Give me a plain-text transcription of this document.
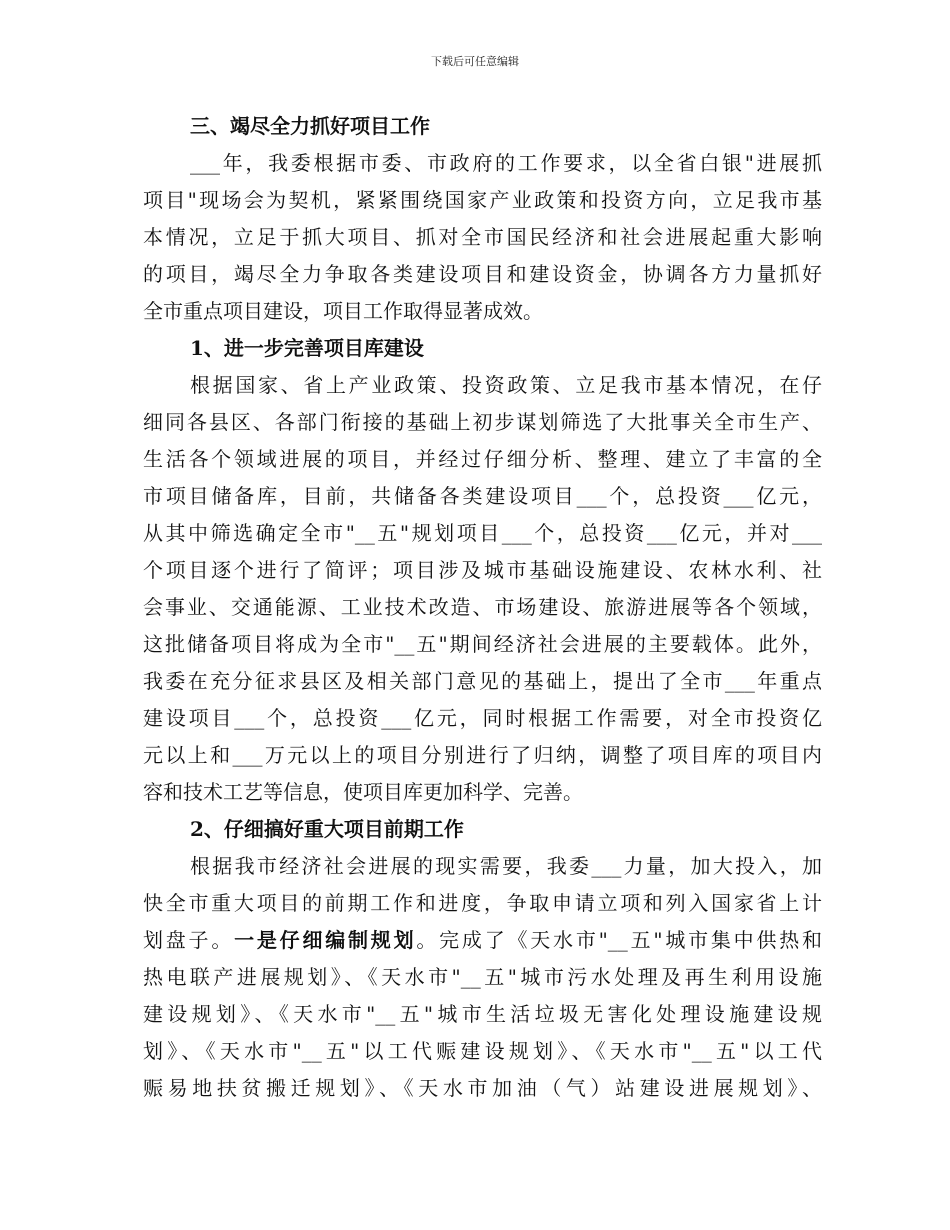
下载后可任意编辑
三、竭尽全力抓好项目工作
___年，我委根据市委、市政府的工作要求，以全省白银"进展抓
项目"现场会为契机，紧紧围绕国家产业政策和投资方向，立足我市基
本情况，立足于抓大项目、抓对全市国民经济和社会进展起重大影响
的项目，竭尽全力争取各类建设项目和建设资金，协调各方力量抓好
全市重点项目建设，项目工作取得显著成效。
1、进一步完善项目库建设
根据国家、省上产业政策、投资政策、立足我市基本情况，在仔
细同各县区、各部门衔接的基础上初步谋划筛选了大批事关全市生产、
生活各个领域进展的项目，并经过仔细分析、整理、建立了丰富的全
市项目储备库，目前，共储备各类建设项目___个，总投资___亿元，
从其中筛选确定全市"__五"规划项目___个，总投资___亿元，并对___
个项目逐个进行了简评；项目涉及城市基础设施建设、农林水利、社
会事业、交通能源、工业技术改造、市场建设、旅游进展等各个领域，
这批储备项目将成为全市"__五"期间经济社会进展的主要载体。此外，
我委在充分征求县区及相关部门意见的基础上，提出了全市___年重点
建设项目___个，总投资___亿元，同时根据工作需要，对全市投资亿
元以上和___万元以上的项目分别进行了归纳，调整了项目库的项目内
容和技术工艺等信息，使项目库更加科学、完善。
2、仔细搞好重大项目前期工作
根据我市经济社会进展的现实需要，我委___力量，加大投入，加
快全市重大项目的前期工作和进度，争取申请立项和列入国家省上计
划盘子。一是仔细编制规划。完成了《天水市"__五"城市集中供热和
热电联产进展规划》、《天水市"__五"城市污水处理及再生利用设施
建设规划》、《天水市"__五"城市生活垃圾无害化处理设施建设规
划》、《天水市"__五"以工代赈建设规划》、《天水市"__五"以工代
赈易地扶贫搬迁规划》、《天水市加油（气）站建设进展规划》、
